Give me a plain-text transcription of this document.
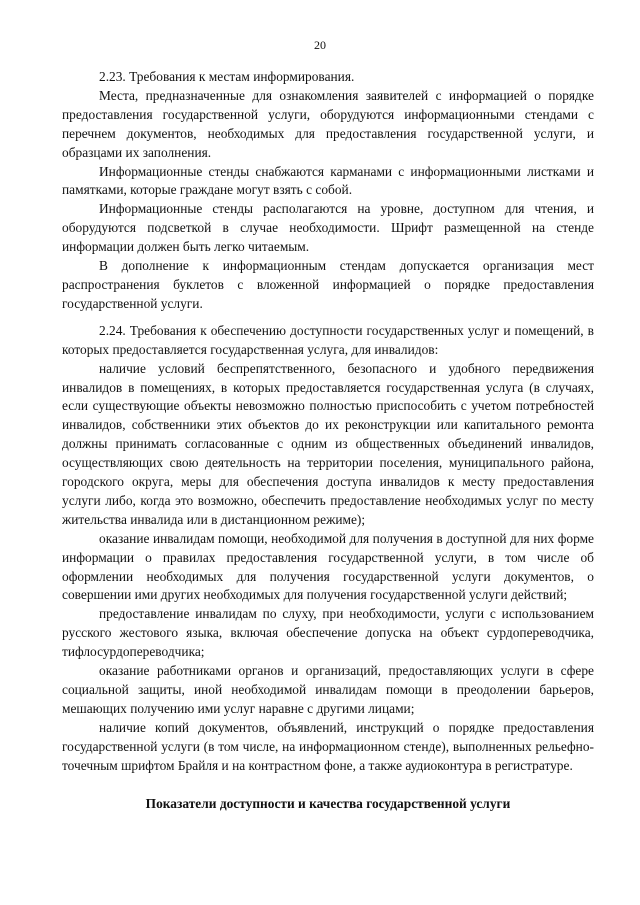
20

2.23. Требования к местам информирования.

Места, предназначенные для ознакомления заявителей с информацией о порядке предоставления государственной услуги, оборудуются информационными стендами с перечнем документов, необходимых для предоставления государственной услуги, и образцами их заполнения.

Информационные стенды снабжаются карманами с информационными листками и памятками, которые граждане могут взять с собой.

Информационные стенды располагаются на уровне, доступном для чтения, и оборудуются подсветкой в случае необходимости. Шрифт размещенной на стенде информации должен быть легко читаемым.

В дополнение к информационным стендам допускается организация мест распространения буклетов с вложенной информацией о порядке предоставления государственной услуги.

2.24. Требования к обеспечению доступности государственных услуг и помещений, в которых предоставляется государственная услуга, для инвалидов:

наличие условий беспрепятственного, безопасного и удобного передвижения инвалидов в помещениях, в которых предоставляется государственная услуга (в случаях, если существующие объекты невозможно полностью приспособить с учетом потребностей инвалидов, собственники этих объектов до их реконструкции или капитального ремонта должны принимать согласованные с одним из общественных объединений инвалидов, осуществляющих свою деятельность на территории поселения, муниципального района, городского округа, меры для обеспечения доступа инвалидов к месту предоставления услуги либо, когда это возможно, обеспечить предоставление необходимых услуг по месту жительства инвалида или в дистанционном режиме);

оказание инвалидам помощи, необходимой для получения в доступной для них форме информации о правилах предоставления государственной услуги, в том числе об оформлении необходимых для получения государственной услуги документов, о совершении ими других необходимых для получения государственной услуги действий;

предоставление инвалидам по слуху, при необходимости, услуги с использованием русского жестового языка, включая обеспечение допуска на объект сурдопереводчика, тифлосурдопереводчика;

оказание работниками органов и организаций, предоставляющих услуги в сфере социальной защиты, иной необходимой инвалидам помощи в преодолении барьеров, мешающих получению ими услуг наравне с другими лицами;

наличие копий документов, объявлений, инструкций о порядке предоставления государственной услуги (в том числе, на информационном стенде), выполненных рельефно-точечным шрифтом Брайля и на контрастном фоне, а также аудиоконтура в регистратуре.

Показатели доступности и качества государственной услуги
